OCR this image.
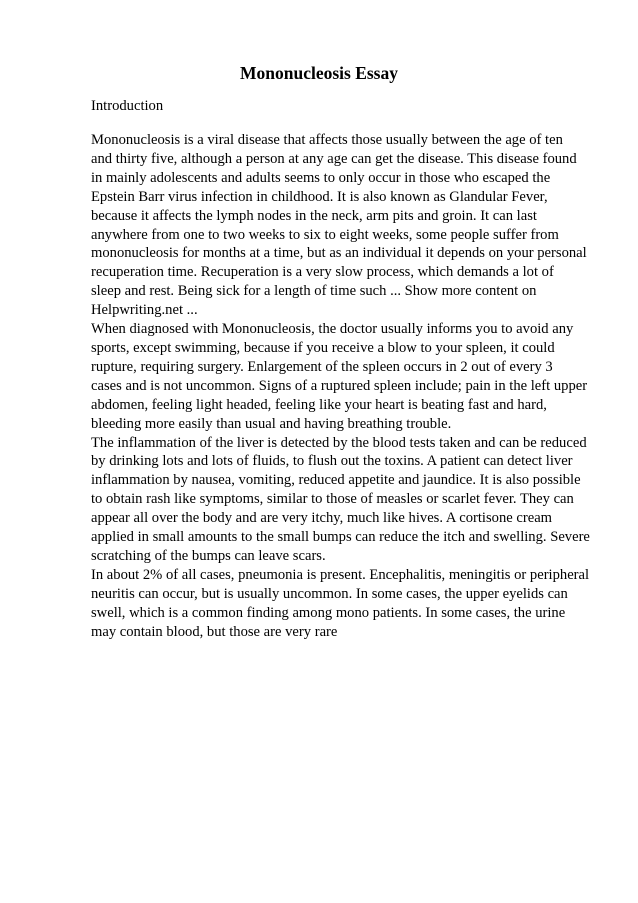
Mononucleosis Essay
Introduction
Mononucleosis is a viral disease that affects those usually between the age of ten
and thirty five, although a person at any age can get the disease. This disease found
in mainly adolescents and adults seems to only occur in those who escaped the
Epstein Barr virus infection in childhood. It is also known as Glandular Fever,
because it affects the lymph nodes in the neck, arm pits and groin. It can last
anywhere from one to two weeks to six to eight weeks, some people suffer from
mononucleosis for months at a time, but as an individual it depends on your personal
recuperation time. Recuperation is a very slow process, which demands a lot of
sleep and rest. Being sick for a length of time such ... Show more content on
Helpwriting.net ...
When diagnosed with Mononucleosis, the doctor usually informs you to avoid any
sports, except swimming, because if you receive a blow to your spleen, it could
rupture, requiring surgery. Enlargement of the spleen occurs in 2 out of every 3
cases and is not uncommon. Signs of a ruptured spleen include; pain in the left upper
abdomen, feeling light headed, feeling like your heart is beating fast and hard,
bleeding more easily than usual and having breathing trouble.
The inflammation of the liver is detected by the blood tests taken and can be reduced
by drinking lots and lots of fluids, to flush out the toxins. A patient can detect liver
inflammation by nausea, vomiting, reduced appetite and jaundice. It is also possible
to obtain rash like symptoms, similar to those of measles or scarlet fever. They can
appear all over the body and are very itchy, much like hives. A cortisone cream
applied in small amounts to the small bumps can reduce the itch and swelling. Severe
scratching of the bumps can leave scars.
In about 2% of all cases, pneumonia is present. Encephalitis, meningitis or peripheral
neuritis can occur, but is usually uncommon. In some cases, the upper eyelids can
swell, which is a common finding among mono patients. In some cases, the urine
may contain blood, but those are very rare
